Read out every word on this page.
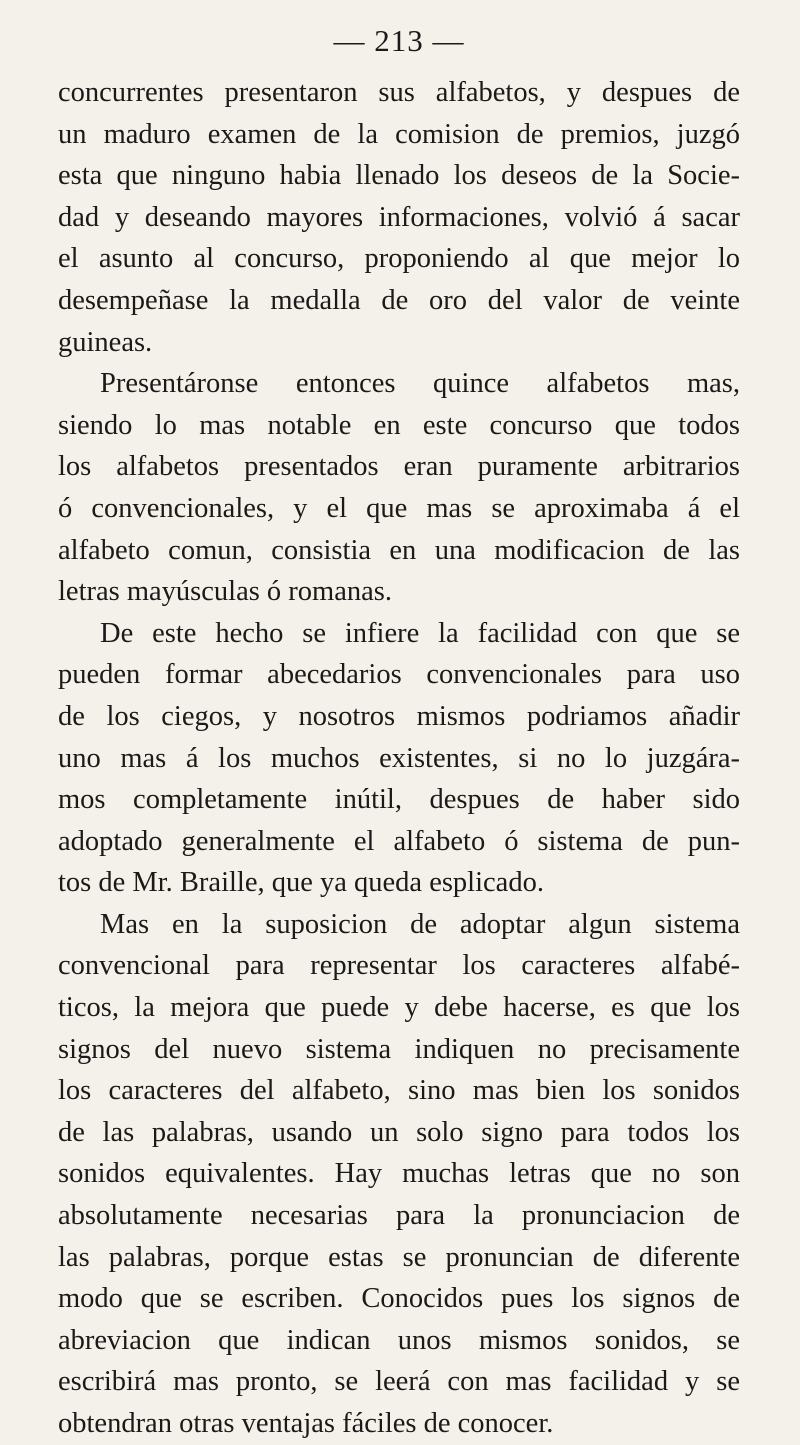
— 213 —
concurrentes presentaron sus alfabetos, y despues de
un maduro examen de la comision de premios, juzgó
esta que ninguno habia llenado los deseos de la Socie-
dad y deseando mayores informaciones, volvió á sacar
el asunto al concurso, proponiendo al que mejor lo
desempeñase la medalla de oro del valor de veinte
guineas.
Presentáronse entonces quince alfabetos mas,
siendo lo mas notable en este concurso que todos
los alfabetos presentados eran puramente arbitrarios
ó convencionales, y el que mas se aproximaba á el
alfabeto comun, consistia en una modificacion de las
letras mayúsculas ó romanas.
De este hecho se infiere la facilidad con que se
pueden formar abecedarios convencionales para uso
de los ciegos, y nosotros mismos podriamos añadir
uno mas á los muchos existentes, si no lo juzgára-
mos completamente inútil, despues de haber sido
adoptado generalmente el alfabeto ó sistema de pun-
tos de Mr. Braille, que ya queda esplicado.
Mas en la suposicion de adoptar algun sistema
convencional para representar los caracteres alfabé-
ticos, la mejora que puede y debe hacerse, es que los
signos del nuevo sistema indiquen no precisamente
los caracteres del alfabeto, sino mas bien los sonidos
de las palabras, usando un solo signo para todos los
sonidos equivalentes. Hay muchas letras que no son
absolutamente necesarias para la pronunciacion de
las palabras, porque estas se pronuncian de diferente
modo que se escriben. Conocidos pues los signos de
abreviacion que indican unos mismos sonidos, se
escribirá mas pronto, se leerá con mas facilidad y se
obtendran otras ventajas fáciles de conocer.
